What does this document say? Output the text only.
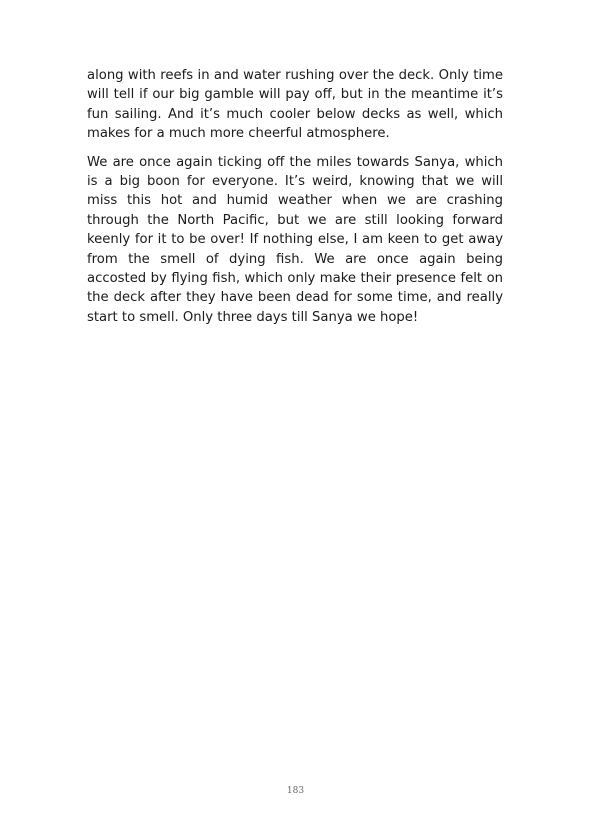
along with reefs in and water rushing over the deck. Only time will tell if our big gamble will pay off, but in the meantime it’s fun sailing. And it’s much cooler below decks as well, which makes for a much more cheerful atmosphere.

We are once again ticking off the miles towards Sanya, which is a big boon for everyone. It’s weird, knowing that we will miss this hot and humid weather when we are crashing through the North Pacific, but we are still looking forward keenly for it to be over! If nothing else, I am keen to get away from the smell of dying fish. We are once again being accosted by flying fish, which only make their presence felt on the deck after they have been dead for some time, and really start to smell. Only three days till Sanya we hope!

183
